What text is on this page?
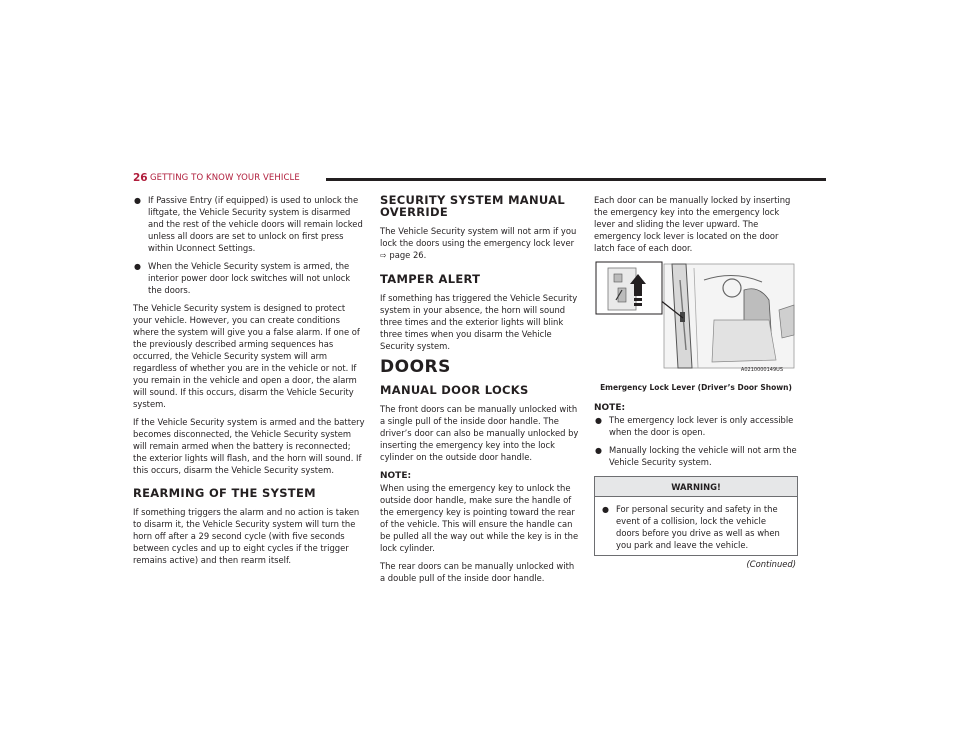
26 GETTING TO KNOW YOUR VEHICLE
● If Passive Entry (if equipped) is used to unlock the liftgate, the Vehicle Security system is disarmed and the rest of the vehicle doors will remain locked unless all doors are set to unlock on first press within Uconnect Settings.
● When the Vehicle Security system is armed, the interior power door lock switches will not unlock the doors.

The Vehicle Security system is designed to protect your vehicle. However, you can create conditions where the system will give you a false alarm. If one of the previously described arming sequences has occurred, the Vehicle Security system will arm regardless of whether you are in the vehicle or not. If you remain in the vehicle and open a door, the alarm will sound. If this occurs, disarm the Vehicle Security system.

If the Vehicle Security system is armed and the battery becomes disconnected, the Vehicle Security system will remain armed when the battery is reconnected; the exterior lights will flash, and the horn will sound. If this occurs, disarm the Vehicle Security system.

REARMING OF THE SYSTEM

If something triggers the alarm and no action is taken to disarm it, the Vehicle Security system will turn the horn off after a 29 second cycle (with five seconds between cycles and up to eight cycles if the trigger remains active) and then rearm itself.

SECURITY SYSTEM MANUAL OVERRIDE

The Vehicle Security system will not arm if you lock the doors using the emergency lock lever
⇨ page 26.

TAMPER ALERT

If something has triggered the Vehicle Security system in your absence, the horn will sound three times and the exterior lights will blink three times when you disarm the Vehicle Security system.

DOORS
MANUAL DOOR LOCKS

The front doors can be manually unlocked with a single pull of the inside door handle. The driver’s door can also be manually unlocked by inserting the emergency key into the lock cylinder on the outside door handle.

NOTE:

When using the emergency key to unlock the outside door handle, make sure the handle of the emergency key is pointing toward the rear of the vehicle. This will ensure the handle can be pulled all the way out while the key is in the lock cylinder.

The rear doors can be manually unlocked with a double pull of the inside door handle.

Each door can be manually locked by inserting the emergency key into the emergency lock lever and sliding the lever upward. The emergency lock lever is located on the door latch face of each door.

A0210000149US
Emergency Lock Lever (Driver’s Door Shown)
NOTE:
● The emergency lock lever is only accessible when the door is open.
● Manually locking the vehicle will not arm the Vehicle Security system.
WARNING!
● For personal security and safety in the event of a collision, lock the vehicle doors before you drive as well as when you park and leave the vehicle.
(Continued)
